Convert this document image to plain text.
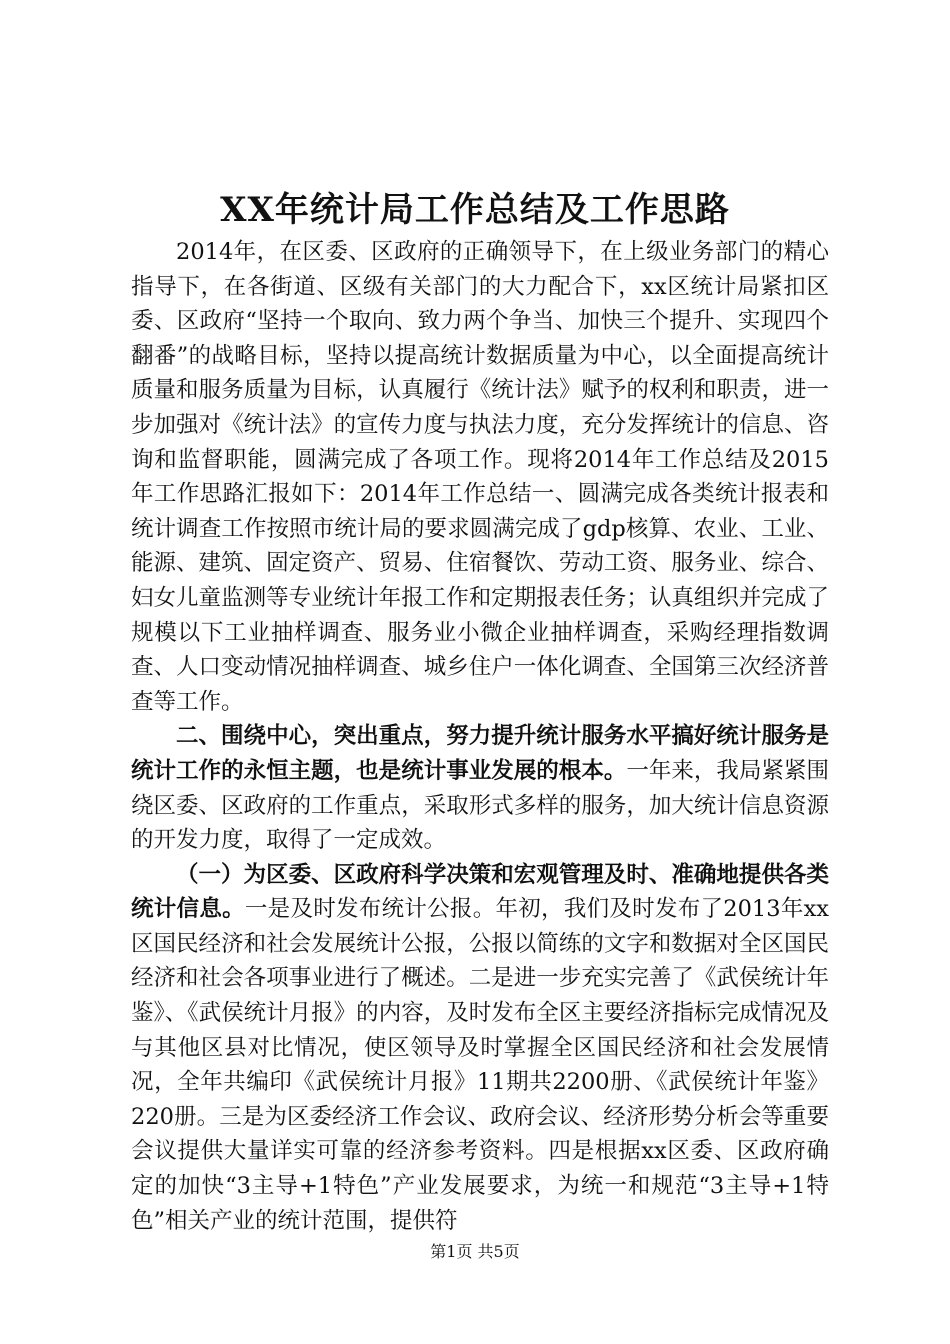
XX年统计局工作总结及工作思路

2014年，在区委、区政府的正确领导下，在上级业务部门的精心指导下，在各街道、区级有关部门的大力配合下，xx区统计局紧扣区委、区政府“坚持一个取向、致力两个争当、加快三个提升、实现四个翻番”的战略目标，坚持以提高统计数据质量为中心，以全面提高统计质量和服务质量为目标，认真履行《统计法》赋予的权利和职责，进一步加强对《统计法》的宣传力度与执法力度，充分发挥统计的信息、咨询和监督职能，圆满完成了各项工作。现将2014年工作总结及2015年工作思路汇报如下：2014年工作总结一、圆满完成各类统计报表和统计调查工作按照市统计局的要求圆满完成了gdp核算、农业、工业、能源、建筑、固定资产、贸易、住宿餐饮、劳动工资、服务业、综合、妇女儿童监测等专业统计年报工作和定期报表任务；认真组织并完成了规模以下工业抽样调查、服务业小微企业抽样调查，采购经理指数调查、人口变动情况抽样调查、城乡住户一体化调查、全国第三次经济普查等工作。

二、围绕中心，突出重点，努力提升统计服务水平搞好统计服务是统计工作的永恒主题，也是统计事业发展的根本。一年来，我局紧紧围绕区委、区政府的工作重点，采取形式多样的服务，加大统计信息资源的开发力度，取得了一定成效。

（一）为区委、区政府科学决策和宏观管理及时、准确地提供各类统计信息。一是及时发布统计公报。年初，我们及时发布了2013年xx区国民经济和社会发展统计公报，公报以简练的文字和数据对全区国民经济和社会各项事业进行了概述。二是进一步充实完善了《武侯统计年鉴》、《武侯统计月报》的内容，及时发布全区主要经济指标完成情况及与其他区县对比情况，使区领导及时掌握全区国民经济和社会发展情况，全年共编印《武侯统计月报》11期共2200册、《武侯统计年鉴》220册。三是为区委经济工作会议、政府会议、经济形势分析会等重要会议提供大量详实可靠的经济参考资料。四是根据xx区委、区政府确定的加快“3主导+1特色”产业发展要求，为统一和规范“3主导+1特色”相关产业的统计范围，提供符

第1页 共5页
